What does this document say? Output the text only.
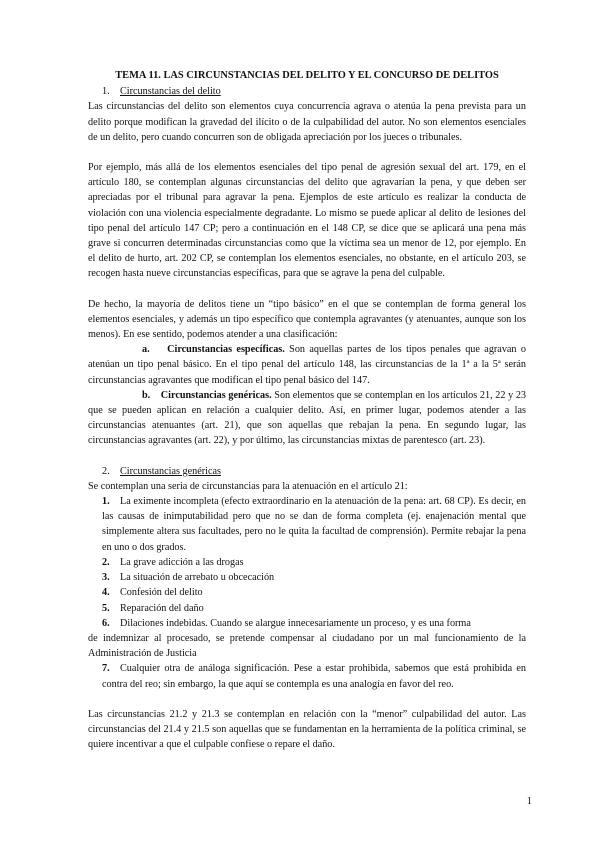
TEMA 11. LAS CIRCUNSTANCIAS DEL DELITO Y EL CONCURSO DE DELITOS

1. Circunstancias del delito

Las circunstancias del delito son elementos cuya concurrencia agrava o atenúa la pena prevista para un delito porque modifican la gravedad del ilícito o de la culpabilidad del autor. No son elementos esenciales de un delito, pero cuando concurren son de obligada apreciación por los jueces o tribunales.

Por ejemplo, más allá de los elementos esenciales del tipo penal de agresión sexual del art. 179, en el artículo 180, se contemplan algunas circunstancias del delito que agravarían la pena, y que deben ser apreciadas por el tribunal para agravar la pena. Ejemplos de este artículo es realizar la conducta de violación con una violencia especialmente degradante. Lo mismo se puede aplicar al delito de lesiones del tipo penal del artículo 147 CP; pero a continuación en el 148 CP, se dice que se aplicará una pena más grave si concurren determinadas circunstancias como que la víctima sea un menor de 12, por ejemplo. En el delito de hurto, art. 202 CP, se contemplan los elementos esenciales, no obstante, en el artículo 203, se recogen hasta nueve circunstancias específicas, para que se agrave la pena del culpable.

De hecho, la mayoría de delitos tiene un “tipo básico” en el que se contemplan de forma general los elementos esenciales, y además un tipo específico que contempla agravantes (y atenuantes, aunque son los menos). En ese sentido, podemos atender a una clasificación:

a. Circunstancias específicas. Son aquellas partes de los tipos penales que agravan o atenúan un tipo penal básico. En el tipo penal del artículo 148, las circunstancias de la 1ª a la 5ª serán circunstancias agravantes que modifican el tipo penal básico del 147.

b. Circunstancias genéricas. Son elementos que se contemplan en los artículos 21, 22 y 23 que se pueden aplican en relación a cualquier delito. Así, en primer lugar, podemos atender a las circunstancias atenuantes (art. 21), que son aquellas que rebajan la pena. En segundo lugar, las circunstancias agravantes (art. 22), y por último, las circunstancias mixtas de parentesco (art. 23).

2. Circunstancias genéricas

Se contemplan una seria de circunstancias para la atenuación en el artículo 21:

1. La eximente incompleta (efecto extraordinario en la atenuación de la pena: art. 68 CP). Es decir, en las causas de inimputabilidad pero que no se dan de forma completa (ej. enajenación mental que simplemente altera sus facultades, pero no le quita la facultad de comprensión). Permite rebajar la pena en uno o dos grados.

2. La grave adicción a las drogas

3. La situación de arrebato u obcecación

4. Confesión del delito

5. Reparación del daño

6. Dilaciones indebidas. Cuando se alargue innecesariamente un proceso, y es una forma

de indemnizar al procesado, se pretende compensar al ciudadano por un mal funcionamiento de la Administración de Justicia

7. Cualquier otra de análoga significación. Pese a estar prohibida, sabemos que está prohibida en contra del reo; sin embargo, la que aquí se contempla es una analogía en favor del reo.

Las circunstancias 21.2 y 21.3 se contemplan en relación con la “menor” culpabilidad del autor. Las circunstancias del 21.4 y 21.5 son aquellas que se fundamentan en la herramienta de la política criminal, se quiere incentivar a que el culpable confiese o repare el daño.

1
